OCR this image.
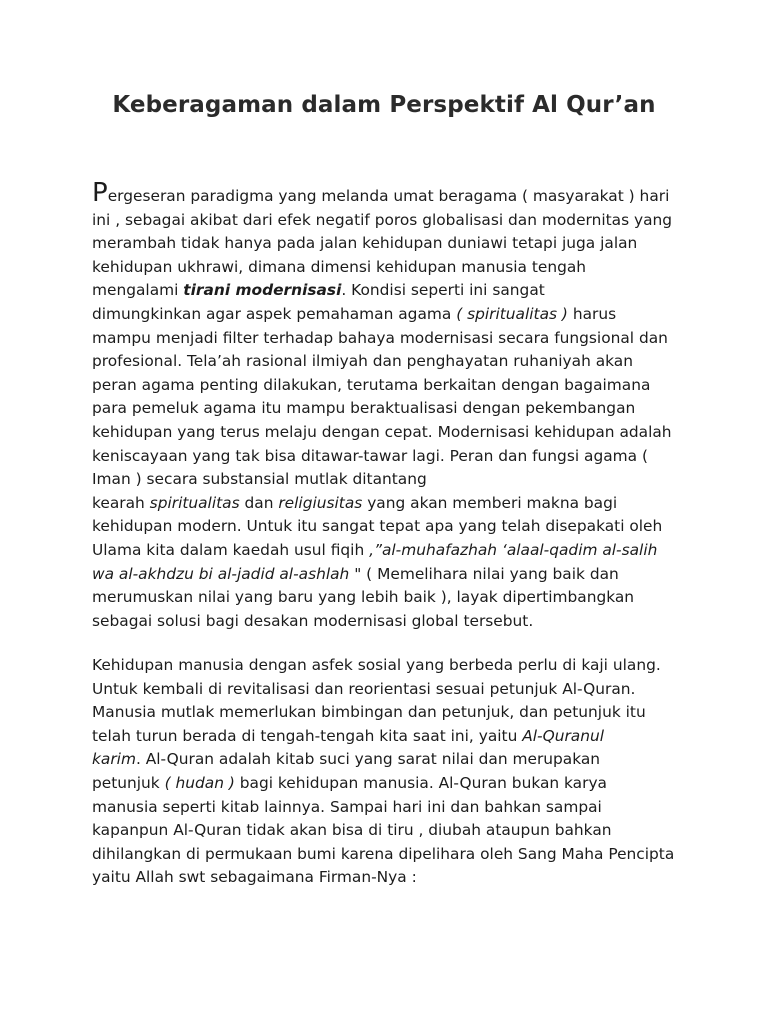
Keberagaman dalam Perspektif Al Qur’an
Pergeseran paradigma yang melanda umat beragama ( masyarakat ) hari
ini , sebagai akibat dari efek negatif poros globalisasi dan modernitas yang
merambah tidak hanya pada jalan kehidupan duniawi tetapi juga jalan
kehidupan ukhrawi, dimana dimensi kehidupan manusia tengah
mengalami tirani modernisasi. Kondisi seperti ini sangat
dimungkinkan agar aspek pemahaman agama ( spiritualitas ) harus
mampu menjadi filter terhadap bahaya modernisasi secara fungsional dan
profesional. Tela’ah rasional ilmiyah dan penghayatan ruhaniyah akan
peran agama penting dilakukan, terutama berkaitan dengan bagaimana
para pemeluk agama itu mampu beraktualisasi dengan pekembangan
kehidupan yang terus melaju dengan cepat. Modernisasi kehidupan adalah
keniscayaan yang tak bisa ditawar-tawar lagi. Peran dan fungsi agama (
Iman ) secara substansial mutlak ditantang
kearah spiritualitas dan religiusitas yang akan memberi makna bagi
kehidupan modern. Untuk itu sangat tepat apa yang telah disepakati oleh
Ulama kita dalam kaedah usul fiqih ,”al-muhafazhah ‘alaal-qadim al-salih
wa al-akhdzu bi al-jadid al-ashlah " ( Memelihara nilai yang baik dan
merumuskan nilai yang baru yang lebih baik ), layak dipertimbangkan
sebagai solusi bagi desakan modernisasi global tersebut.
Kehidupan manusia dengan asfek sosial yang berbeda perlu di kaji ulang.
Untuk kembali di revitalisasi dan reorientasi sesuai petunjuk Al-Quran.
Manusia mutlak memerlukan bimbingan dan petunjuk, dan petunjuk itu
telah turun berada di tengah-tengah kita saat ini, yaitu Al-Quranul
karim. Al-Quran adalah kitab suci yang sarat nilai dan merupakan
petunjuk ( hudan ) bagi kehidupan manusia. Al-Quran bukan karya
manusia seperti kitab lainnya. Sampai hari ini dan bahkan sampai
kapanpun Al-Quran tidak akan bisa di tiru , diubah ataupun bahkan
dihilangkan di permukaan bumi karena dipelihara oleh Sang Maha Pencipta
yaitu Allah swt sebagaimana Firman-Nya :
